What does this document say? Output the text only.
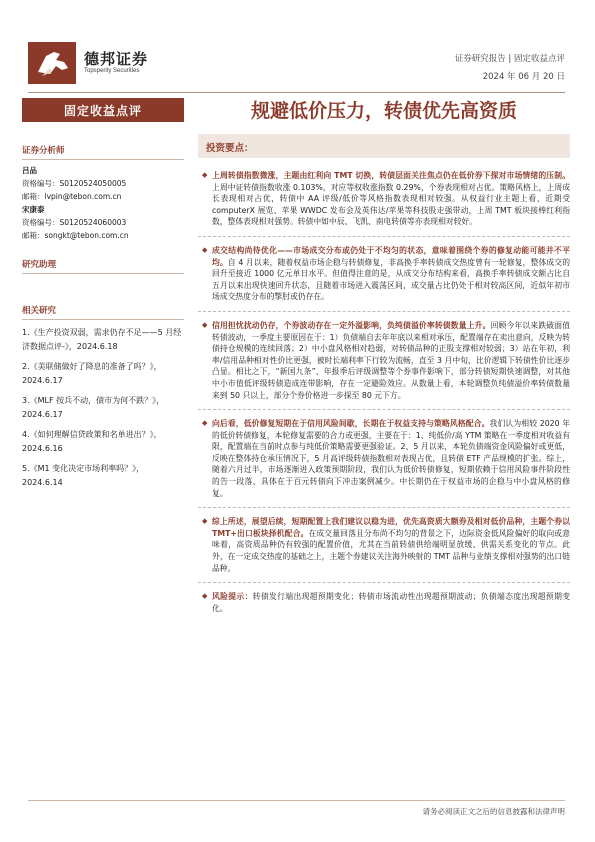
德邦证券
Topsperity Securities
证券研究报告 | 固定收益点评
2024 年 06 月 20 日
固定收益点评
证券分析师
吕品
资格编号：S0120524050005
邮箱：lvpin@tebon.com.cn
宋康泰
资格编号：S0120524060003
邮箱：songkt@tebon.com.cn
研究助理
相关研究
1.《生产投资双弱，需求仍存不足——5 月经济数据点评-》，2024.6.18
2.《美联储做好了降息的准备了吗？》，2024.6.17
3.《MLF 按兵不动，债市为何不跌？》，2024.6.17
4.《如何理解信贷政策和名单进出？》，2024.6.16
5.《M1 变化决定市场利率吗？》，2024.6.14
规避低价压力，转债优先高资质
投资要点：
◆ 上周转债指数微涨，主题由红利向 TMT 切换，转债层面关注焦点仍在低价券下探对市场情绪的压制。上周中证转债指数收涨 0.103%，对应等权收涨指数 0.29%，个券表现相对占优。策略风格上，上周成长表现相对占优，转债中 AA 评级/低价等风格指数表现相对较强。从权益行业主题上看，近期受 computerX 展览、苹果 WWDC 发布会及英伟达/苹果等科技股走强带动，上周 TMT 板块接棒红利指数，整体表现相对强势。转债中如中辰、飞凯、南电转债等亦表现相对较好。
◆ 成交结构尚待优化——市场成交分布或仍处于不均匀的状态，意味着围绕个券的修复动能可能并不平均。自 4 月以来，随着权益市场企稳与转债修复，非高换手率转债成交热度曾有一轮修复，整体成交的回升至接近 1000 亿元单日水平。但值得注意的是，从成交分布结构来看，高换手率转债成交额占比自五月以来出现快速回升状态，且随着市场进入震荡区间，成交量占比仍处于相对较高区间，近似年初市场成交热度分布的掣肘或仍存在。
◆ 信用担忧扰动仍存，个券波动存在一定外溢影响，负纯债溢价率转债数量上升。回顾今年以来跌破面值转债波动，一季度主要原因在于：1）负债端自去年年底以来相对承压，配置端存在卖出意向，反映为转债持仓规模的连续回落；2）中小盘风格相对趋弱，对转债品种的正股支撑相对较弱；3）站在年初，利率/信用品种相对性价比更强，被时长端利率下行较为流畅，直至 3 月中旬，比价逻辑下转债性价比逐步凸显。相比之下，“新国九条”、年报季后评级调整等个券事件影响下，部分转债短期快速调整，对其他中小市值低评级转债造成连带影响，存在一定避险效应。从数量上看，本轮调整负纯债溢价率转债数量来到 50 只以上，部分个券价格进一步探至 80 元下方。
◆ 向后看，低价修复短期在于信用风险间歇，长期在于权益支持与策略风格配合。我们认为相较 2020 年的低价转债修复，本轮修复需要的合力或更强，主要在于：1、纯低价/高 YTM 策略在一季度相对收益有限，配置端在当前时点参与纯低价策略需要更强验证。2、5 月以来，本轮负债端资金风险偏好或更低，反映在整体持仓承压情况下，5 月高评级转债指数相对表现占优，且转债 ETF 产品规模的扩张。综上，随着六月过半，市场逐渐进入政策预期阶段，我们认为低价转债修复，短期依赖于信用风险事件阶段性的告一段落，具体在于百元转债向下冲击案例减少。中长期仍在于权益市场的企稳与中小盘风格的修复。
◆ 综上所述，展望后续，短期配置上我们建议以稳为进，优先高资质大额券及相对低价品种，主题个券以 TMT+出口板块择机配合。在成交量回落且分布尚不均匀的背景之下，边际资金低风险偏好的取向或意味着，高资质品种仍有较强的配置价值，尤其在当前转债供给端明显放缓、供需关系变化的节点。此外，在一定成交热度的基础之上，主题个券建议关注海外映射的 TMT 品种与业绩支撑相对强势的出口链品种。
◆ 风险提示：转债发行端出现超预期变化；转债市场流动性出现超预期波动；负债端态度出现超预期变化。
请务必阅读正文之后的信息披露和法律声明
